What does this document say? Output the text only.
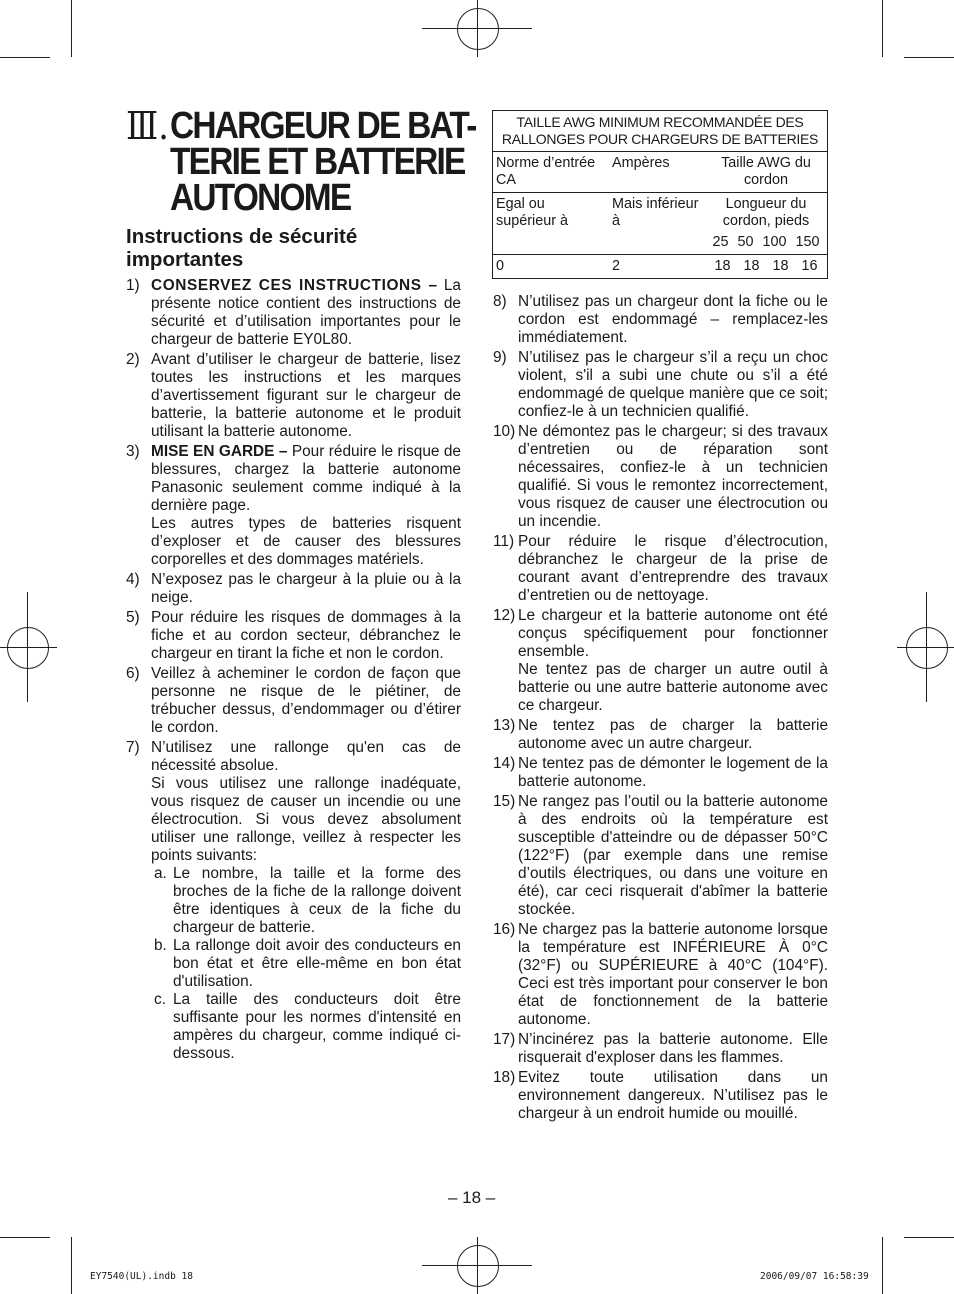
Ⅲ. CHARGEUR DE BAT-
TERIE ET BATTERIE
AUTONOME
Instructions de sécurité importantes
1) CONSERVEZ CES INSTRUCTIONS – La présente notice contient des instructions de sécurité et d’utilisation importantes pour le chargeur de batterie EY0L80.
2) Avant d’utiliser le chargeur de batterie, lisez toutes les instructions et les marques d’avertissement figurant sur le chargeur de batterie, la batterie autonome et le produit utilisant la batterie autonome.
3) MISE EN GARDE – Pour réduire le risque de blessures, chargez la batterie autonome Panasonic seulement comme indiqué à la dernière page.
Les autres types de batteries risquent d’exploser et de causer des blessures corporelles et des dommages matériels.
4) N’exposez pas le chargeur à la pluie ou à la neige.
5) Pour réduire les risques de dommages à la fiche et au cordon secteur, débranchez le chargeur en tirant la fiche et non le cordon.
6) Veillez à acheminer le cordon de façon que personne ne risque de le piétiner, de trébucher dessus, d’endommager ou d’étirer le cordon.
7) N’utilisez une rallonge qu'en cas de nécessité absolue.
Si vous utilisez une rallonge inadéquate, vous risquez de causer un incendie ou une électrocution. Si vous devez absolument utiliser une rallonge, veillez à respecter les points suivants:
a. Le nombre, la taille et la forme des broches de la fiche de la rallonge doivent être identiques à ceux de la fiche du chargeur de batterie.
b. La rallonge doit avoir des conducteurs en bon état et être elle-même en bon état d'utilisation.
c. La taille des conducteurs doit être suffisante pour les normes d'intensité en ampères du chargeur, comme indiqué ci-dessous.
TAILLE AWG MINIMUM RECOMMANDÉE DES RALLONGES POUR CHARGEURS DE BATTERIES		
Norme d’entrée CA	Ampères	Taille AWG du cordon
Egal ou supérieur à	Mais inférieur à	Longueur du cordon, pieds
25 50 100 150

0	2	18 18 18 16
8) N’utilisez pas un chargeur dont la fiche ou le cordon est endommagé – remplacez-les immédiatement.
9) N’utilisez pas le chargeur s’il a reçu un choc violent, s'il a subi une chute ou s’il a été endommagé de quelque manière que ce soit; confiez-le à un technicien qualifié.
10) Ne démontez pas le chargeur; si des travaux d’entretien ou de réparation sont nécessaires, confiez-le à un technicien qualifié. Si vous le remontez incorrectement, vous risquez de causer une électrocution ou un incendie.
11) Pour réduire le risque d’électrocution, débranchez le chargeur de la prise de courant avant d’entreprendre des travaux d’entretien ou de nettoyage.
12) Le chargeur et la batterie autonome ont été conçus spécifiquement pour fonctionner ensemble.
Ne tentez pas de charger un autre outil à batterie ou une autre batterie autonome avec ce chargeur.
13) Ne tentez pas de charger la batterie autonome avec un autre chargeur.
14) Ne tentez pas de démonter le logement de la batterie autonome.
15) Ne rangez pas l’outil ou la batterie autonome à des endroits où la température est susceptible d'atteindre ou de dépasser 50°C (122°F) (par exemple dans une remise d’outils électriques, ou dans une voiture en été), car ceci risquerait d'abîmer la batterie stockée.
16) Ne chargez pas la batterie autonome lorsque la température est INFÉRIEURE À 0°C (32°F) ou SUPÉRIEURE à 40°C (104°F). Ceci est très important pour conserver le bon état de fonctionnement de la batterie autonome.
17) N’incinérez pas la batterie autonome. Elle risquerait d'exploser dans les flammes.
18) Evitez toute utilisation dans un environnement dangereux. N’utilisez pas le chargeur à un endroit humide ou mouillé.
– 18 –
EY7540(UL).indb 18	2006/09/07 16:58:39
